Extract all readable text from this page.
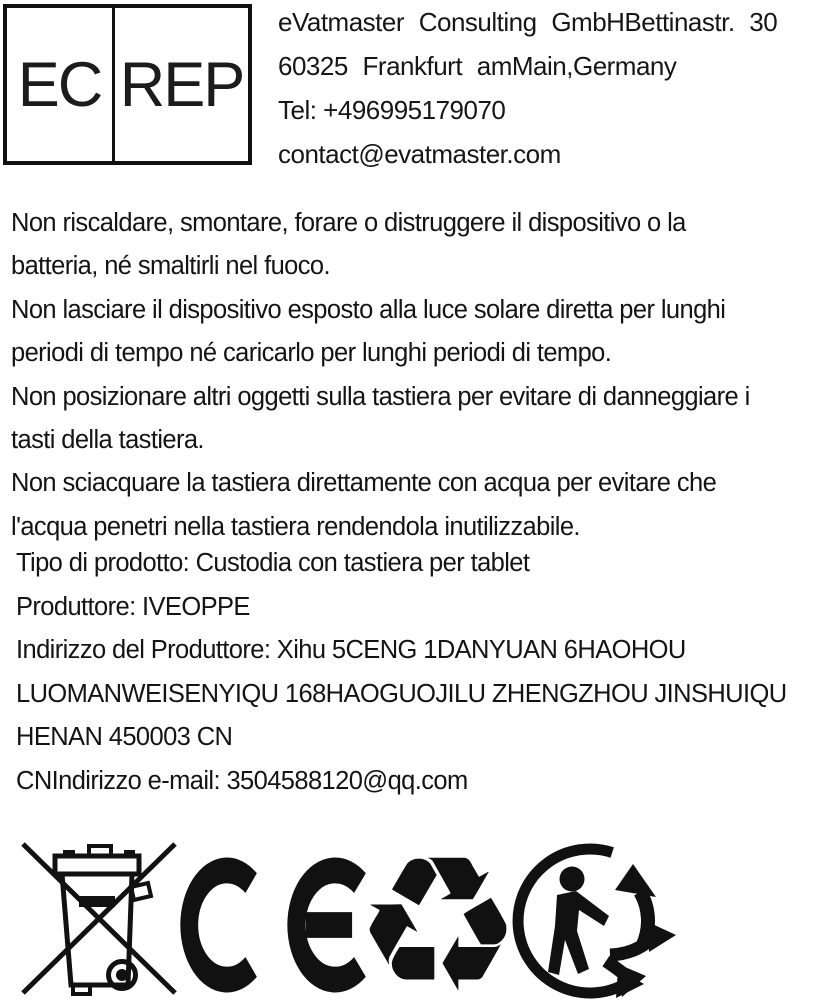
EC REP
eVatmaster Consulting GmbHBettinastr. 30
60325 Frankfurt amMain,Germany
Tel: +496995179070
contact@evatmaster.com
Non riscaldare, smontare, forare o distruggere il dispositivo o la
batteria, né smaltirli nel fuoco.
Non lasciare il dispositivo esposto alla luce solare diretta per lunghi
periodi di tempo né caricarlo per lunghi periodi di tempo.
Non posizionare altri oggetti sulla tastiera per evitare di danneggiare i
tasti della tastiera.
Non sciacquare la tastiera direttamente con acqua per evitare che
l'acqua penetri nella tastiera rendendola inutilizzabile.
Tipo di prodotto: Custodia con tastiera per tablet
Produttore: IVEOPPE
Indirizzo del Produttore: Xihu 5CENG 1DANYUAN 6HAOHOU
LUOMANWEISENYIQU 168HAOGUOJILU ZHENGZHOU JINSHUIQU
HENAN 450003 CN
CNIndirizzo e-mail: 3504588120@qq.com
♻
